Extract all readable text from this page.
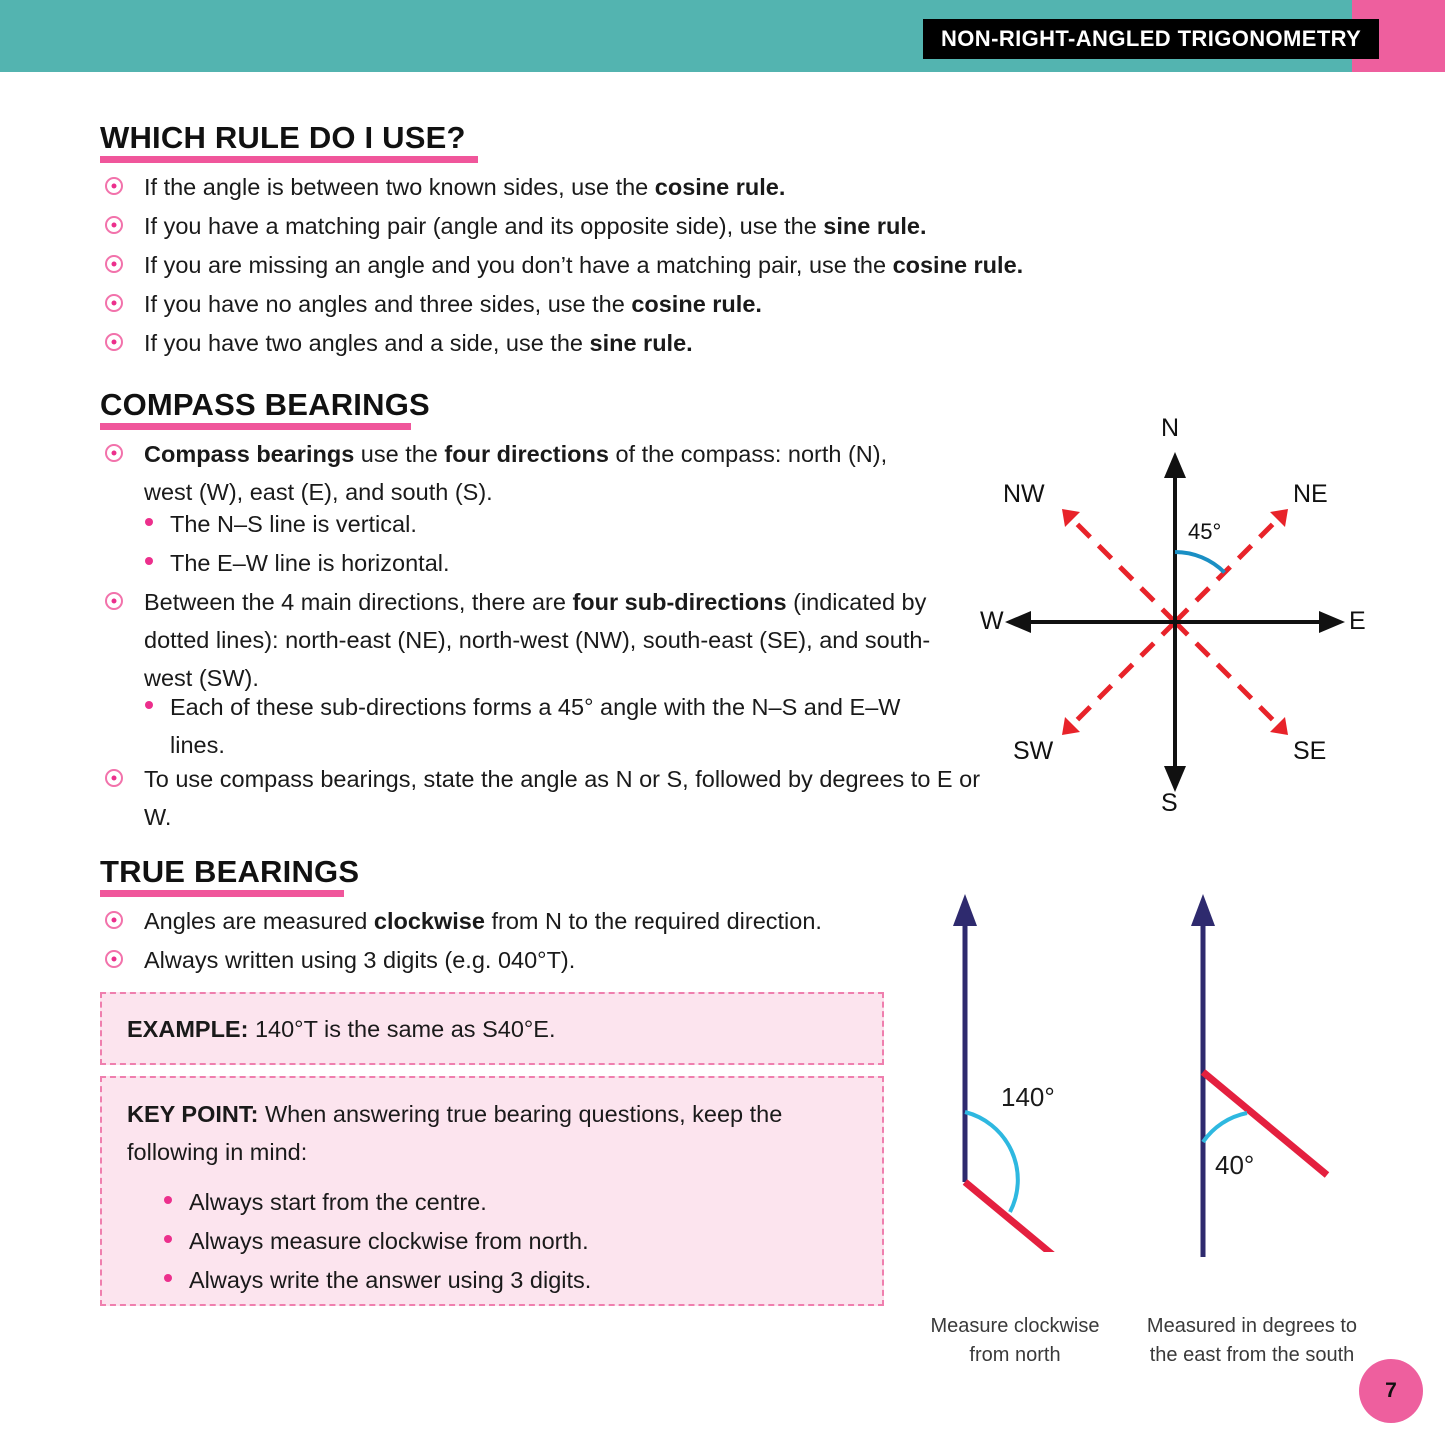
NON-RIGHT-ANGLED TRIGONOMETRY
WHICH RULE DO I USE?
If the angle is between two known sides, use the cosine rule.
If you have a matching pair (angle and its opposite side), use the sine rule.
If you are missing an angle and you don’t have a matching pair, use the cosine rule.
If you have no angles and three sides, use the cosine rule.
If you have two angles and a side, use the sine rule.
COMPASS BEARINGS
Compass bearings use the four directions of the compass: north (N), west (W), east (E), and south (S).
The N–S line is vertical.
The E–W line is horizontal.
Between the 4 main directions, there are four sub-directions (indicated by dotted lines): north-east (NE), north-west (NW), south-east (SE), and south-west (SW).
Each of these sub-directions forms a 45° angle with the N–S and E–W lines.
To use compass bearings, state the angle as N or S, followed by degrees to E or W.
N
S
E
W
NE
NW
SE
SW
45°
TRUE BEARINGS
Angles are measured clockwise from N to the required direction.
Always written using 3 digits (e.g. 040°T).
EXAMPLE: 140°T is the same as S40°E.
KEY POINT: When answering true bearing questions, keep the following in mind:
Always start from the centre.
Always measure clockwise from north.
Always write the answer using 3 digits.
140°
Measure clockwise
from north
40°
Measured in degrees to
the east from the south
7
